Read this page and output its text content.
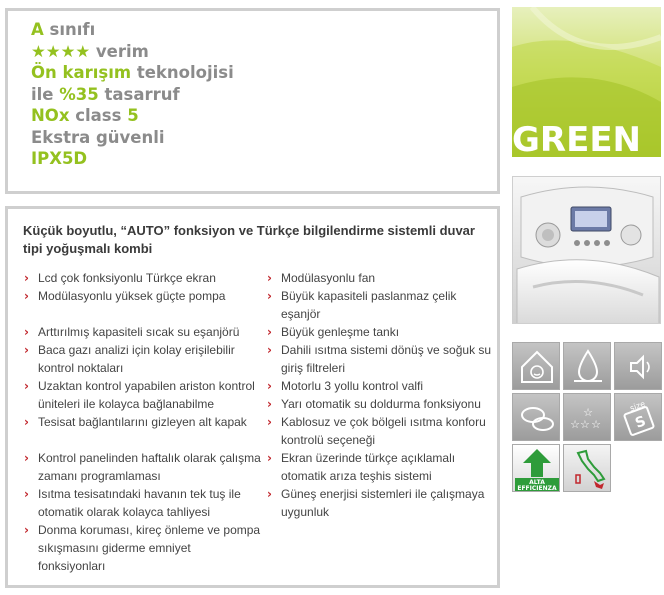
A sınıfı
★★★★ verim
Ön karışım teknolojisi
ile %35 tasarruf
NOx class 5
Ekstra güvenli
IPX5D
Küçük boyutlu, “AUTO” fonksiyon ve Türkçe bilgilendirme sistemli duvar tipi yoğuşmalı kombi
› Lcd çok fonksiyonlu Türkçe ekran
› Modülasyonlu yüksek güçte pompa
› Arttırılmış kapasiteli sıcak su eşanjörü
› Baca gazı analizi için kolay erişilebilir kontrol noktaları
› Uzaktan kontrol yapabilen ariston kontrol üniteleri ile kolayca bağlanabilme
› Tesisat bağlantılarını gizleyen alt kapak
› Kontrol panelinden haftalık olarak çalışma zamanı programlaması
› Isıtma tesisatındaki havanın tek tuş ile otomatik olarak kolayca tahliyesi
› Donma koruması, kireç önleme ve pompa sıkışmasını giderme emniyet fonksiyonları
› Modülasyonlu fan
› Büyük kapasiteli paslanmaz çelik eşanjör
› Büyük genleşme tankı
› Dahili ısıtma sistemi dönüş ve soğuk su giriş filtreleri
› Motorlu 3 yollu kontrol valfi
› Yarı otomatik su doldurma fonksiyonu
› Kablosuz ve çok bölgeli ısıtma konforu kontrolü seçeneği
› Ekran üzerinde türkçe açıklamalı otomatik arıza teşhis sistemi
› Güneş enerjisi sistemleri ile çalışmaya uygunluk
GREEN
☆
☆☆ ☆
size
S
ALTA
EFFICIENZA
